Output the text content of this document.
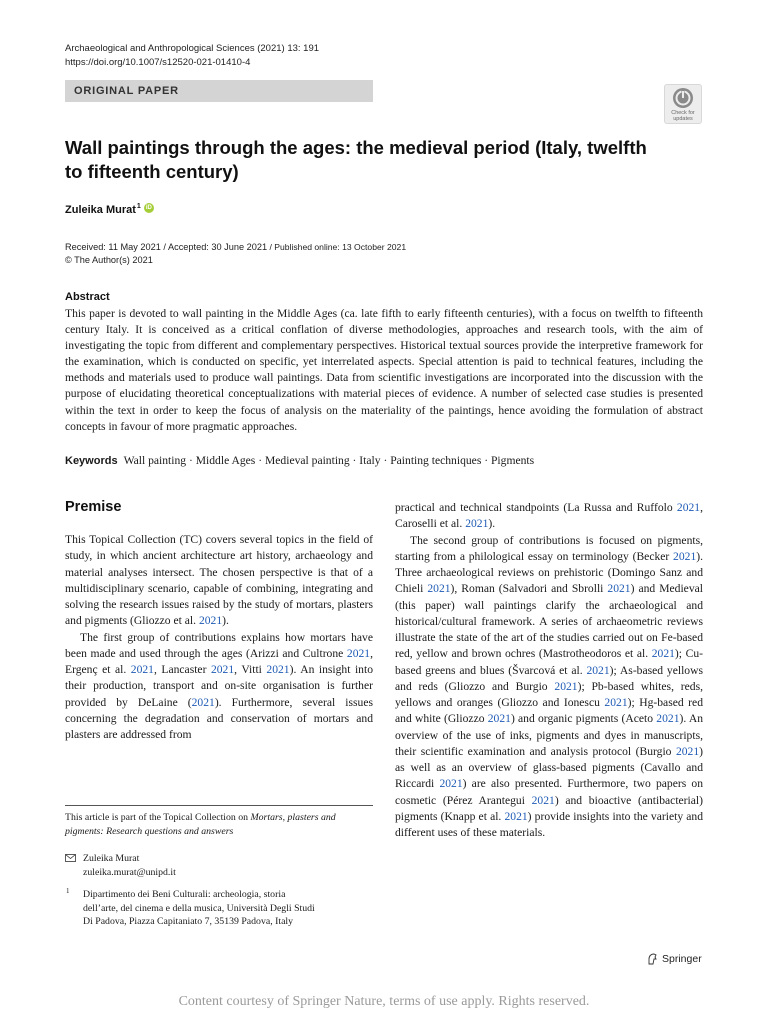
Archaeological and Anthropological Sciences (2021) 13: 191
https://doi.org/10.1007/s12520-021-01410-4
ORIGINAL PAPER
Check for
updates
Wall paintings through the ages: the medieval period (Italy, twelfth
to fifteenth century)
Zuleika Murat$^1$ iD
Received: 11 May 2021 / Accepted: 30 June 2021 / Published online: 13 October 2021
© The Author(s) 2021
Abstract
This paper is devoted to wall painting in the Middle Ages (ca. late fifth to early fifteenth centuries), with a focus on twelfth to fifteenth century Italy. It is conceived as a critical conflation of diverse methodologies, approaches and research tools, with the aim of investigating the topic from different and complementary perspectives. Historical textual sources provide the interpretive framework for the examination, which is conducted on specific, yet interrelated aspects. Special attention is paid to technical features, including the methods and materials used to produce wall paintings. Data from scientific investigations are incorporated into the discussion with the purpose of elucidating theoretical conceptualizations with material pieces of evidence. A number of selected case studies is presented within the text in order to keep the focus of analysis on the materiality of the paintings, hence avoiding the formulation of abstract concepts in favour of more pragmatic approaches.
Keywords Wall painting · Middle Ages · Medieval painting · Italy · Painting techniques · Pigments
Premise

This Topical Collection (TC) covers several topics in the field of study, in which ancient architecture art history, archaeology and material analyses intersect. The chosen perspective is that of a multidisciplinary scenario, capable of combining, integrating and solving the research issues raised by the study of mortars, plasters and pigments (Gliozzo et al. 2021).

The first group of contributions explains how mortars have been made and used through the ages (Arizzi and Cultrone 2021, Ergenç et al. 2021, Lancaster 2021, Vitti 2021). An insight into their production, transport and on-site organisation is further provided by DeLaine (2021). Furthermore, several issues concerning the degradation and conservation of mortars and plasters are addressed from

practical and technical standpoints (La Russa and Ruffolo 2021, Caroselli et al. 2021).

The second group of contributions is focused on pigments, starting from a philological essay on terminology (Becker 2021). Three archaeological reviews on prehistoric (Domingo Sanz and Chieli 2021), Roman (Salvadori and Sbrolli 2021) and Medieval (this paper) wall paintings clarify the archaeological and historical/cultural framework. A series of archaeometric reviews illustrate the state of the art of the studies carried out on Fe-based red, yellow and brown ochres (Mastrotheodoros et al. 2021); Cu-based greens and blues (Švarcová et al. 2021); As-based yellows and reds (Gliozzo and Burgio 2021); Pb-based whites, reds, yellows and oranges (Gliozzo and Ionescu 2021); Hg-based red and white (Gliozzo 2021) and organic pigments (Aceto 2021). An overview of the use of inks, pigments and dyes in manuscripts, their scientific examination and analysis protocol (Burgio 2021) as well as an overview of glass-based pigments (Cavallo and Riccardi 2021) are also presented. Furthermore, two papers on cosmetic (Pérez Arantegui 2021) and bioactive (antibacterial) pigments (Knapp et al. 2021) provide insights into the variety and different uses of these materials.

This article is part of the Topical Collection on Mortars, plasters and pigments: Research questions and answers
Zuleika Murat
zuleika.murat@unipd.it
1 Dipartimento dei Beni Culturali: archeologia, storia
dell’arte, del cinema e della musica, Università Degli Studi
Di Padova, Piazza Capitaniato 7, 35139 Padova, Italy
Springer
Content courtesy of Springer Nature, terms of use apply. Rights reserved.
